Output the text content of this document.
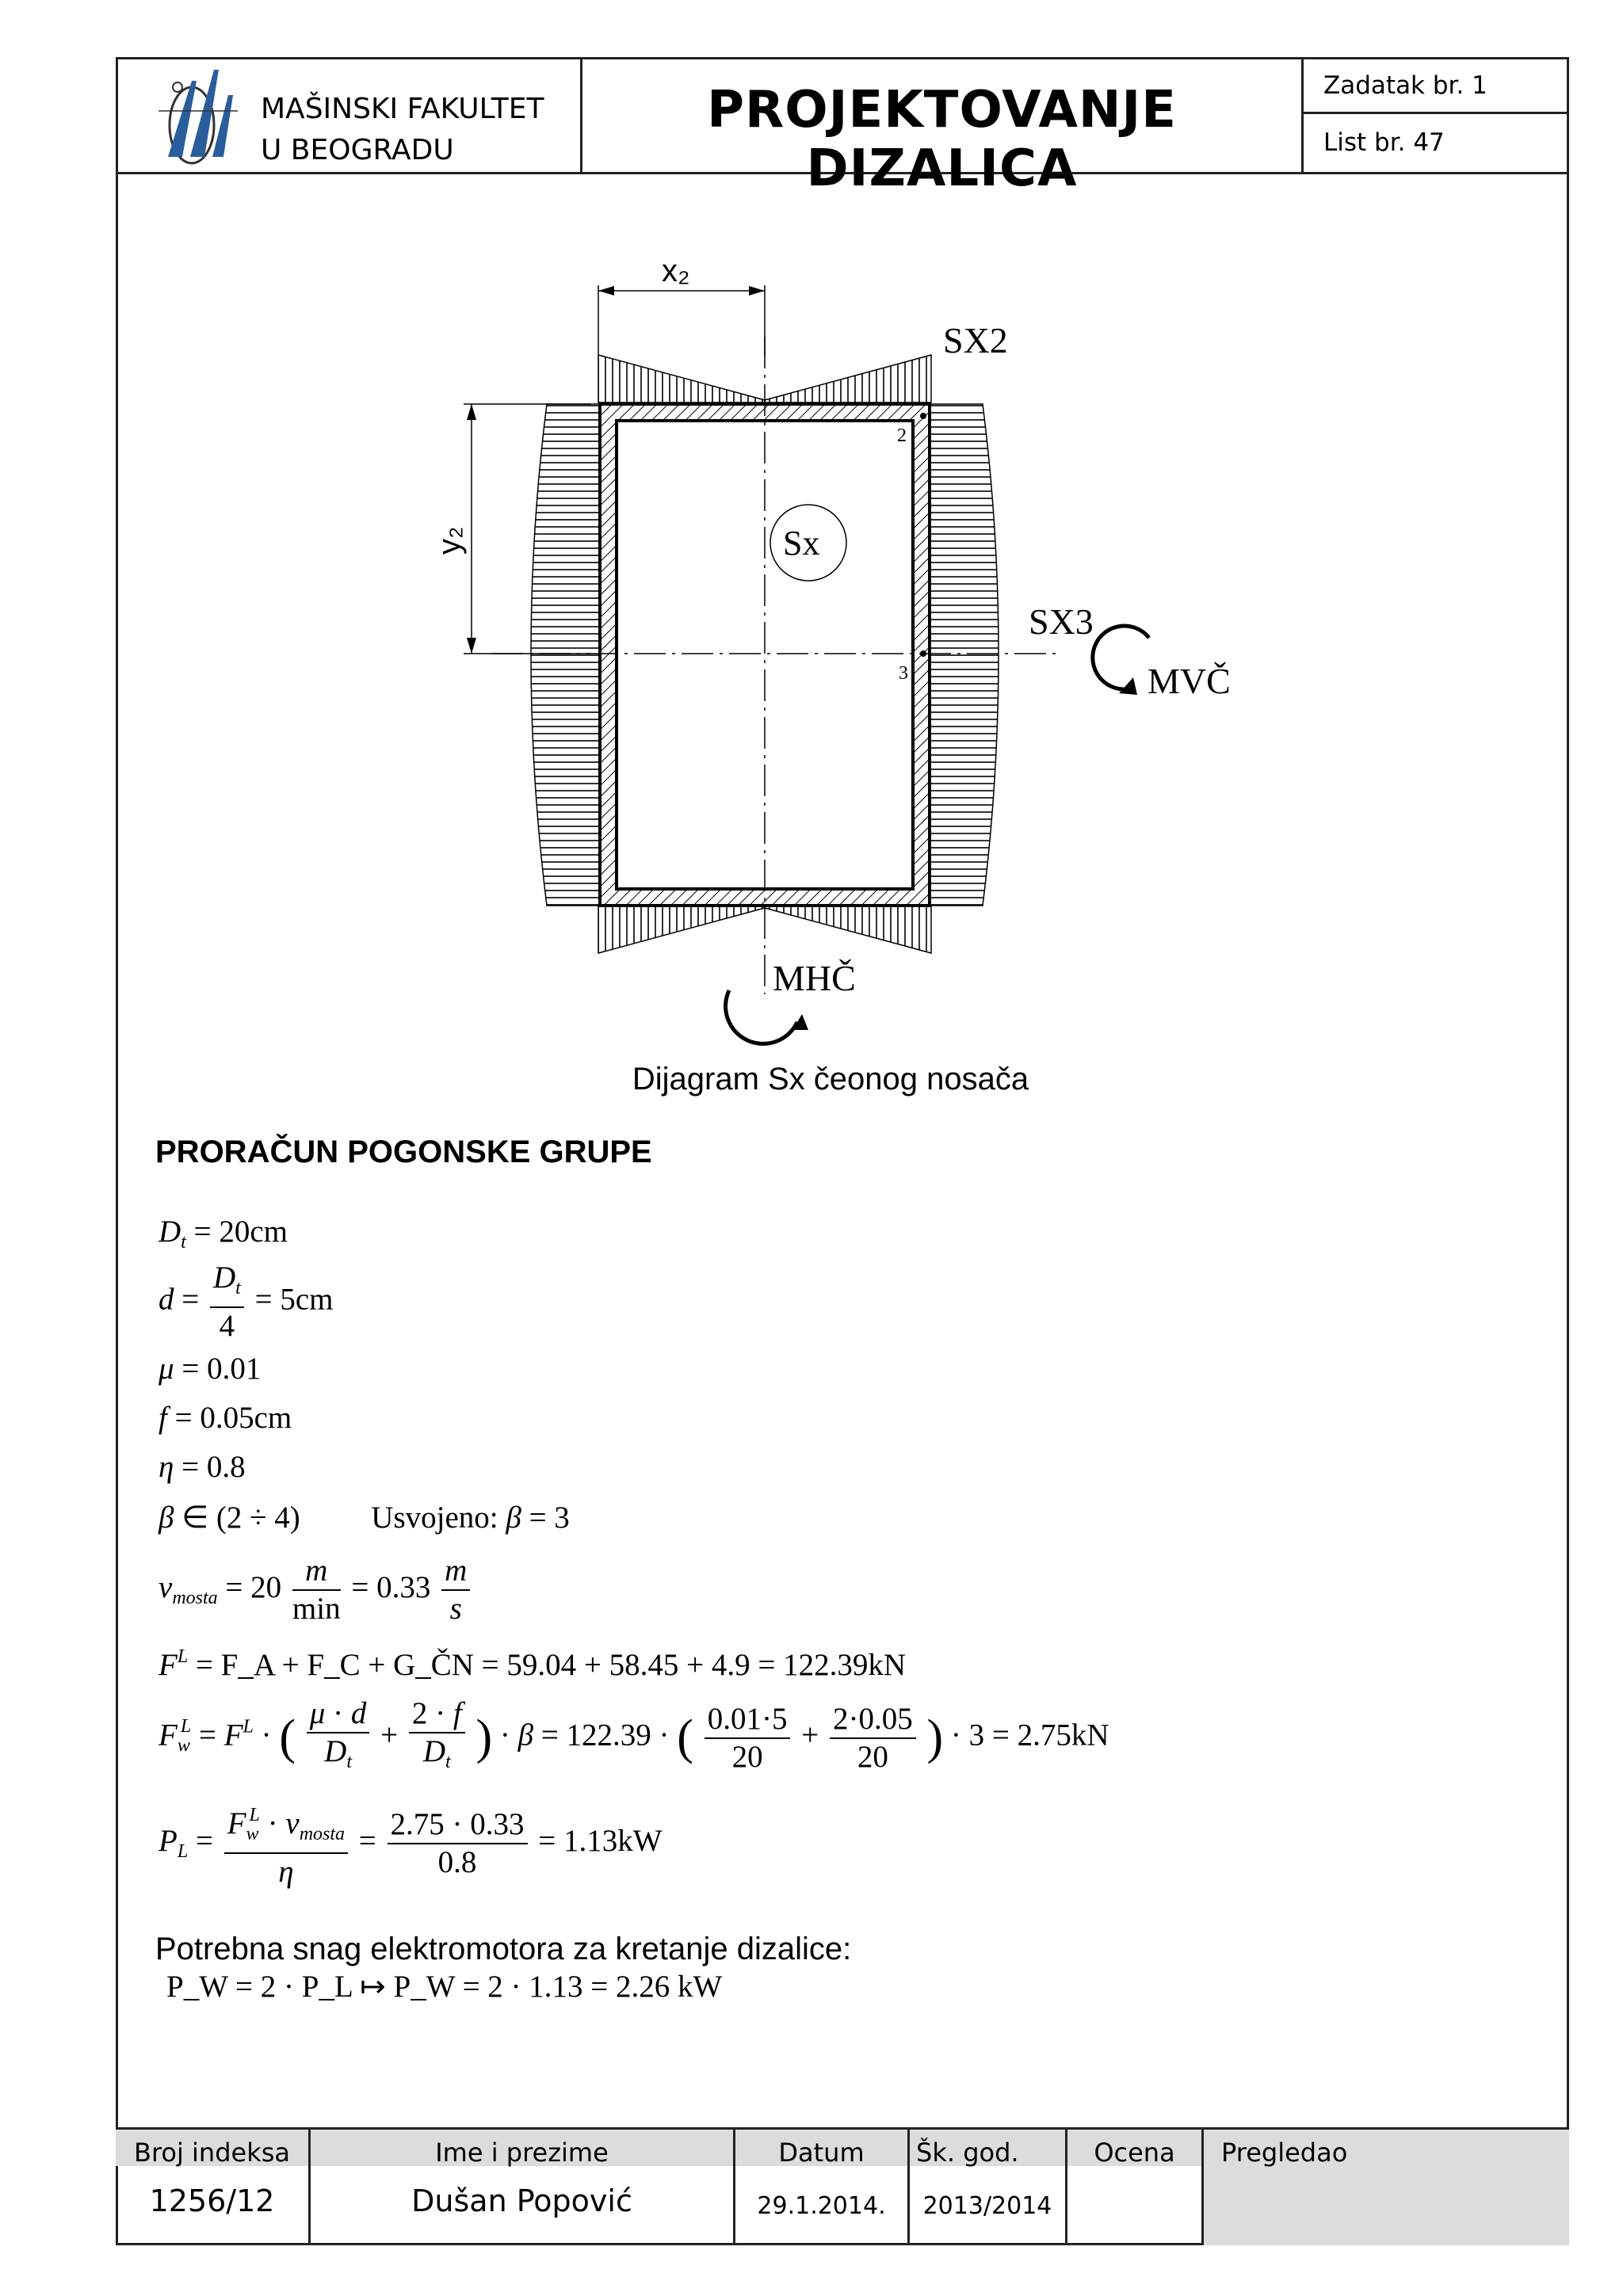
MAŠINSKI FAKULTET
U BEOGRADU
PROJEKTOVANJE DIZALICA
Zadatak br. 1
List br. 47
x₂
y₂
2
3
Sx
SX2
SX3
MVČ
MHČ
Dijagram Sx čeonog nosača
PRORAČUN POGONSKE GRUPE
$D_t = 20cm$
$d = \frac{D_t}{4} = 5cm$
μ = 0.01
f = 0.05cm
η = 0.8
β ∈ (2 ÷ 4) Usvojeno: β = 3
$v_{mosta} = 20 \frac{m}{\min} = 0.33 \frac{m}{s}$
$F^L$ = F_A + F_C + G_ČN = 59.04 + 58.45 + 4.9 = 122.39kN
$F_w^L = F^L$ · ( $\frac{\mu \cdot d}{D_t} + \frac{2 \cdot f}{D_t}$ ) · β = 122.39 · ( $\frac{0.01\cdot 5}{20} + \frac{2\cdot 0.05}{20}$ ) · 3 = 2.75kN
$P_L = \frac{F_w^L \cdot v_{mosta}}{\eta} = \frac{2.75 \cdot 0.33}{0.8} = 1.13kW$
Potrebna snag elektromotora za kretanje dizalice:
P_W = 2 · P_L ↦ P_W = 2 · 1.13 = 2.26 kW
Broj indeksa
1256/12
Ime i prezime
Dušan Popović
Datum
29.1.2014.
Šk. god.
2013/2014
Ocena	Pregledao
